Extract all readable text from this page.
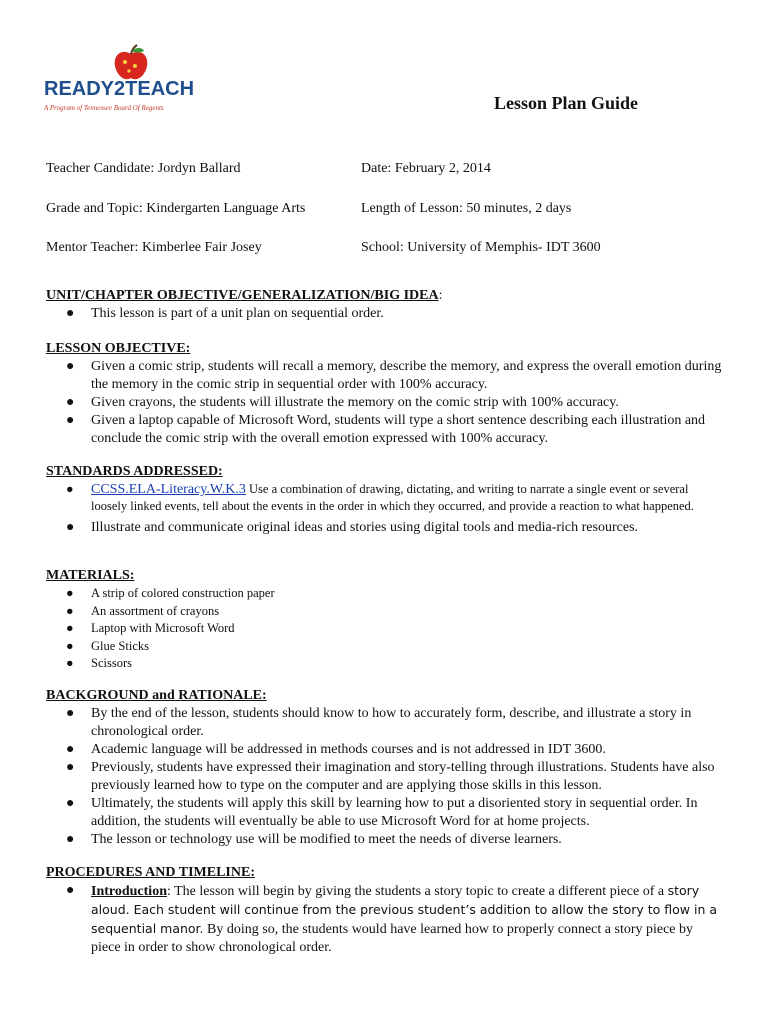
READY2TEACH
A Program of Tennessee Board Of Regents	Lesson Plan Guide
Teacher Candidate: Jordyn Ballard	Date: February 2, 2014
Grade and Topic: Kindergarten Language Arts	Length of Lesson: 50 minutes, 2 days
Mentor Teacher: Kimberlee Fair Josey	School: University of Memphis- IDT 3600
UNIT/CHAPTER OBJECTIVE/GENERALIZATION/BIG IDEA:
● This lesson is part of a unit plan on sequential order.
LESSON OBJECTIVE:
● Given a comic strip, students will recall a memory, describe the memory, and express the overall emotion during the memory in the comic strip in sequential order with 100% accuracy.
● Given crayons, the students will illustrate the memory on the comic strip with 100% accuracy.
● Given a laptop capable of Microsoft Word, students will type a short sentence describing each illustration and conclude the comic strip with the overall emotion expressed with 100% accuracy.
STANDARDS ADDRESSED:
● CCSS.ELA-Literacy.W.K.3 Use a combination of drawing, dictating, and writing to narrate a single event or several loosely linked events, tell about the events in the order in which they occurred, and provide a reaction to what happened.
● Illustrate and communicate original ideas and stories using digital tools and media-rich resources.
MATERIALS:
● A strip of colored construction paper
● An assortment of crayons
● Laptop with Microsoft Word
● Glue Sticks
● Scissors
BACKGROUND and RATIONALE:
● By the end of the lesson, students should know to how to accurately form, describe, and illustrate a story in chronological order.
● Academic language will be addressed in methods courses and is not addressed in IDT 3600.
● Previously, students have expressed their imagination and story-telling through illustrations. Students have also previously learned how to type on the computer and are applying those skills in this lesson.
● Ultimately, the students will apply this skill by learning how to put a disoriented story in sequential order. In addition, the students will eventually be able to use Microsoft Word for at home projects.
● The lesson or technology use will be modified to meet the needs of diverse learners.
PROCEDURES AND TIMELINE:
● Introduction: The lesson will begin by giving the students a story topic to create a different piece of a story aloud. Each student will continue from the previous student’s addition to allow the story to flow in a sequential manor. By doing so, the students would have learned how to properly connect a story piece by piece in order to show chronological order.
